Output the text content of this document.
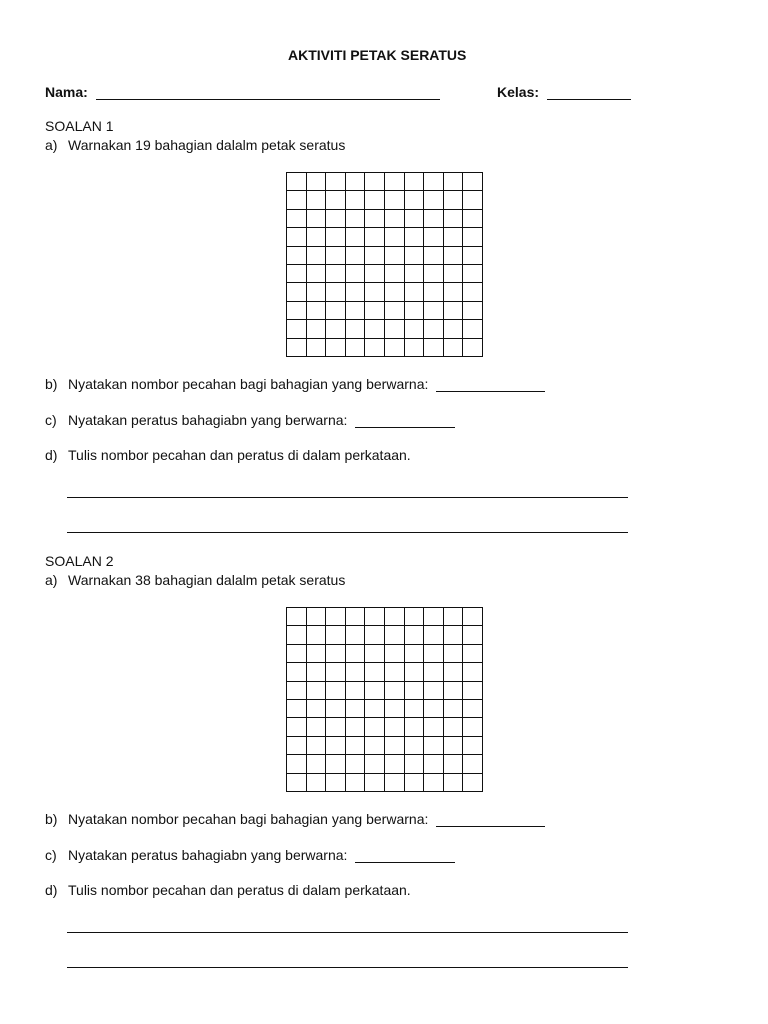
AKTIVITI PETAK SERATUS
Nama:	Kelas:
SOALAN 1
a) Warnakan 19 bahagian dalalm petak seratus
b) Nyatakan nombor pecahan bagi bahagian yang berwarna:
c) Nyatakan peratus bahagiabn yang berwarna:
d) Tulis nombor pecahan dan peratus di dalam perkataan.
SOALAN 2
a) Warnakan 38 bahagian dalalm petak seratus
b) Nyatakan nombor pecahan bagi bahagian yang berwarna:
c) Nyatakan peratus bahagiabn yang berwarna:
d) Tulis nombor pecahan dan peratus di dalam perkataan.
